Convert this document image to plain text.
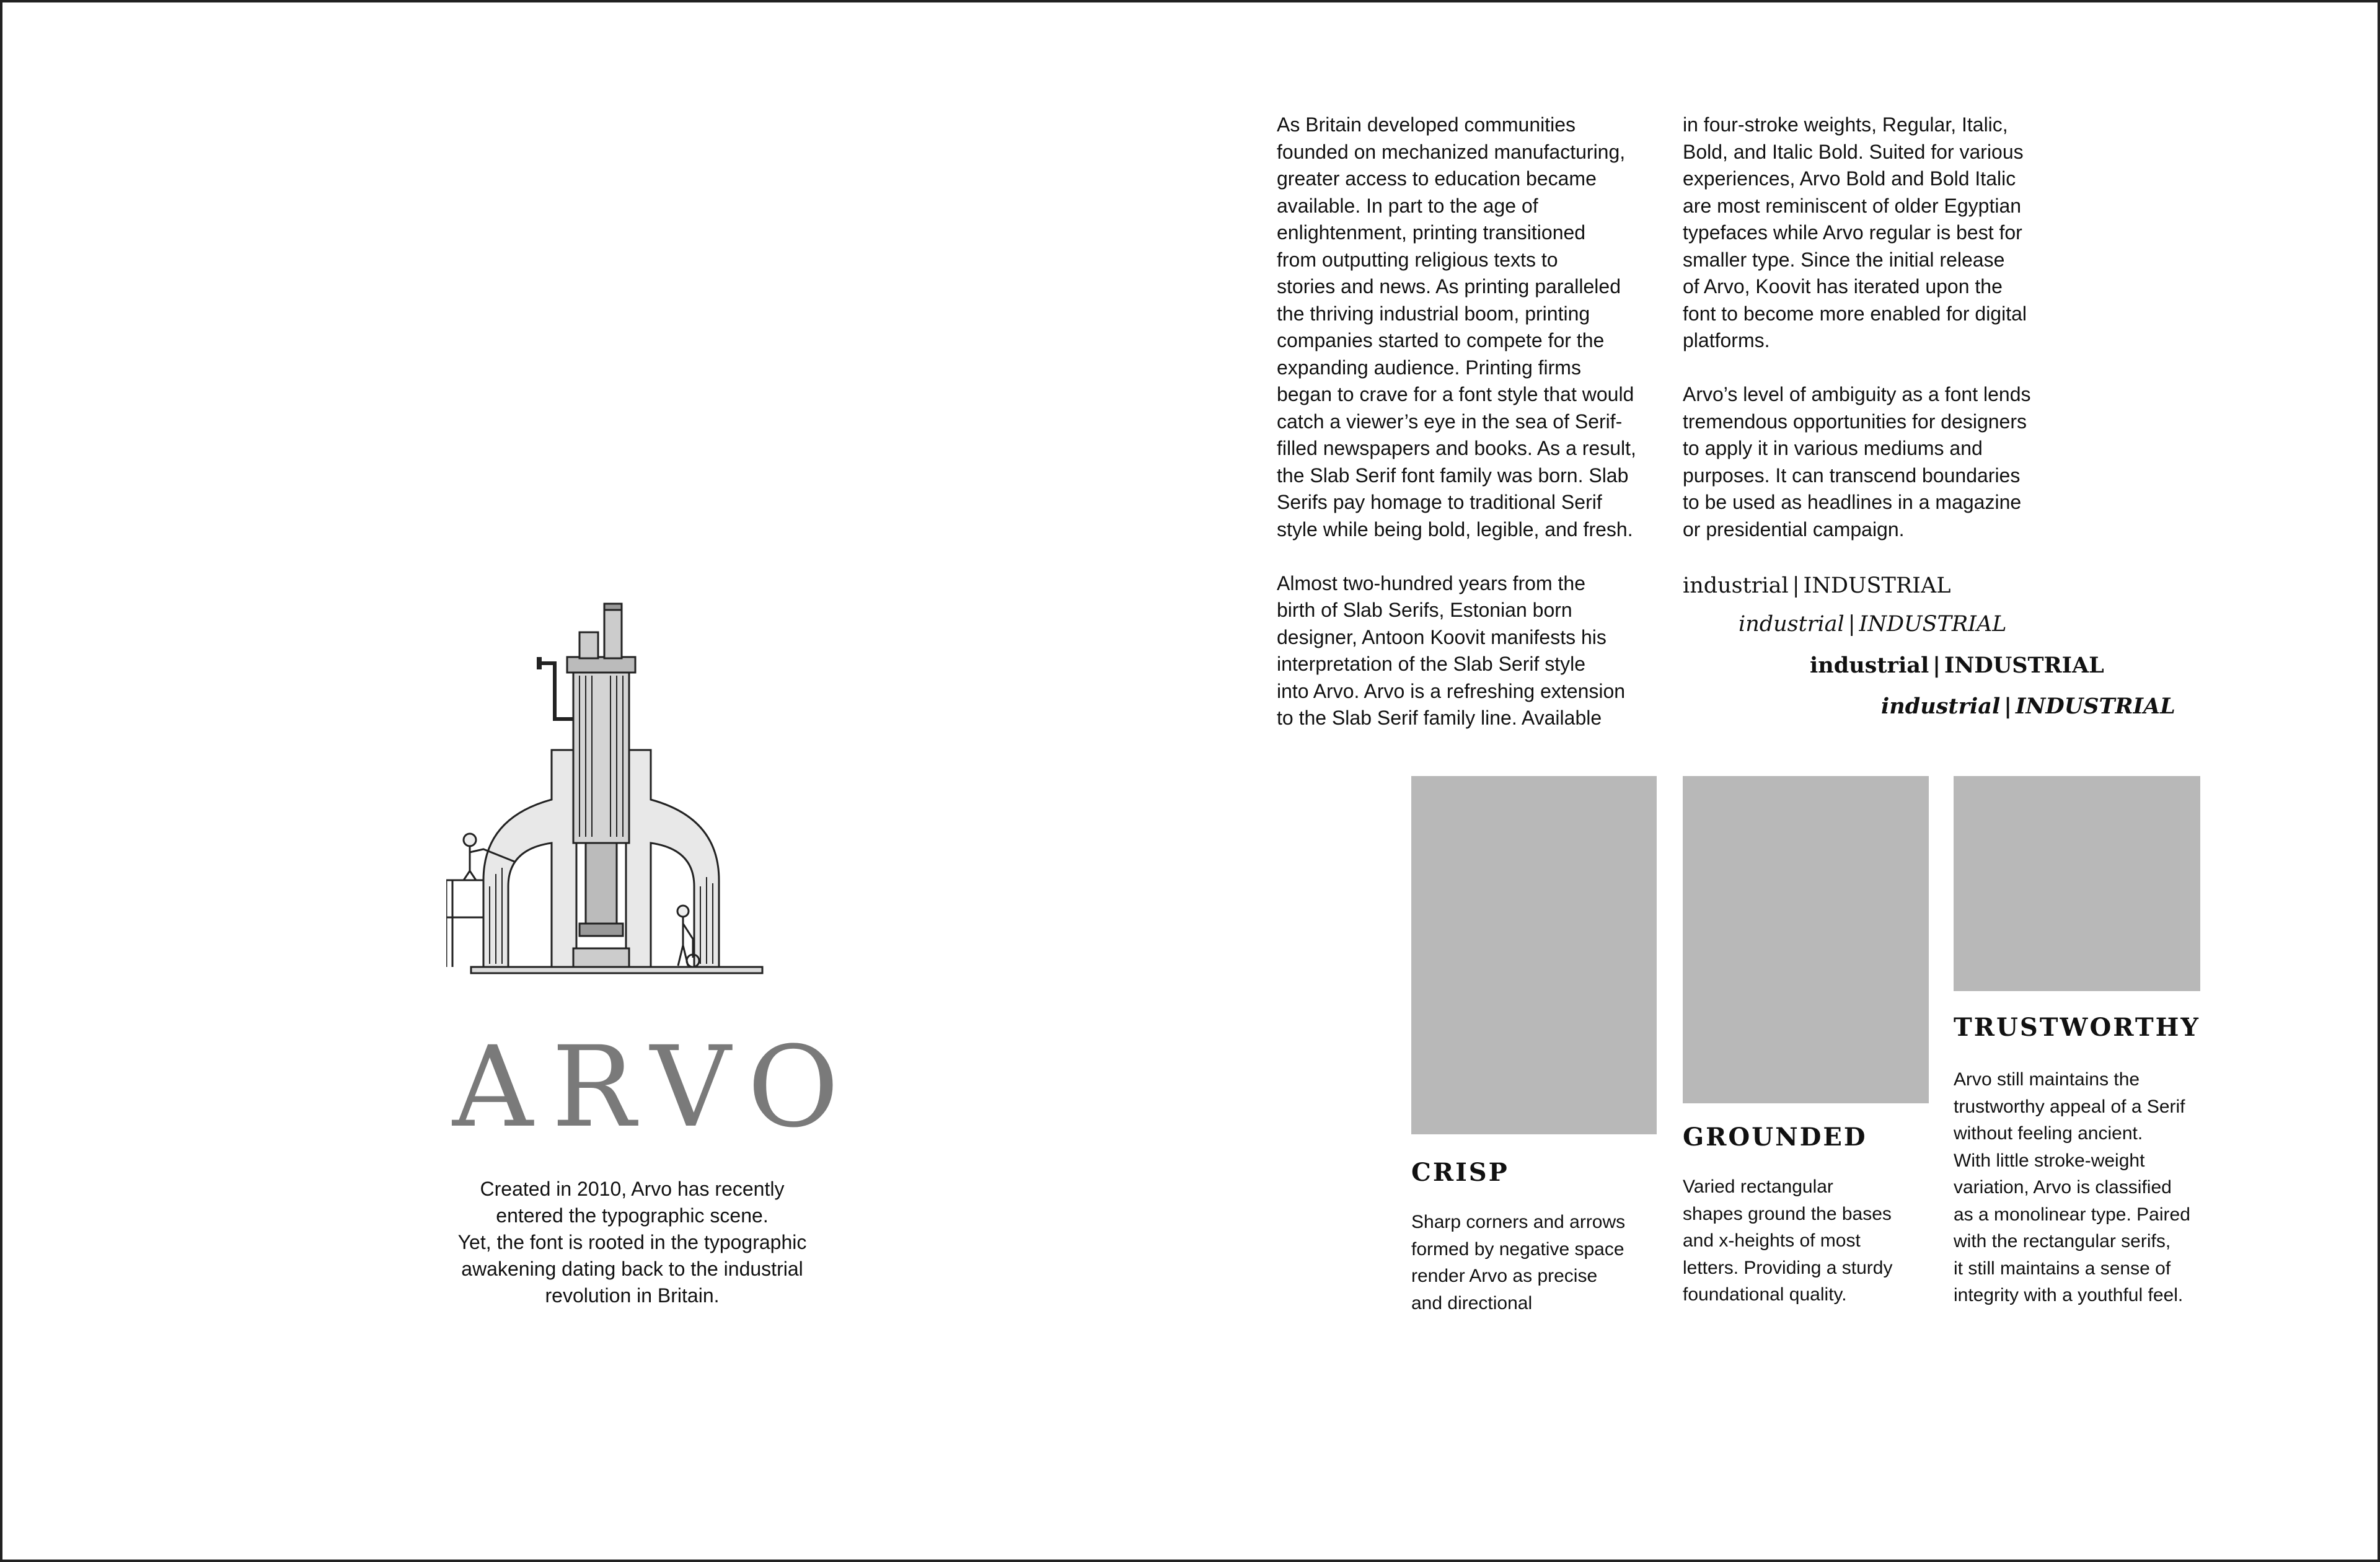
ARVO

Created in 2010, Arvo has recently

entered the typographic scene.

Yet, the font is rooted in the typographic

awakening dating back to the industrial

revolution in Britain.

As Britain developed communities
founded on mechanized manufacturing,
greater access to education became
available. In part to the age of
enlightenment, printing transitioned
from outputting religious texts to
stories and news. As printing paralleled
the thriving industrial boom, printing
companies started to compete for the
expanding audience. Printing firms
began to crave for a font style that would
catch a viewer’s eye in the sea of Serif-
filled newspapers and books. As a result,
the Slab Serif font family was born. Slab
Serifs pay homage to traditional Serif
style while being bold, legible, and fresh.

Almost two-hundred years from the
birth of Slab Serifs, Estonian born
designer, Antoon Koovit manifests his
interpretation of the Slab Serif style
into Arvo. Arvo is a refreshing extension
to the Slab Serif family line. Available

in four-stroke weights, Regular, Italic,
Bold, and Italic Bold. Suited for various
experiences, Arvo Bold and Bold Italic
are most reminiscent of older Egyptian
typefaces while Arvo regular is best for
smaller type. Since the initial release
of Arvo, Koovit has iterated upon the
font to become more enabled for digital
platforms.

Arvo’s level of ambiguity as a font lends
tremendous opportunities for designers
to apply it in various mediums and
purposes. It can transcend boundaries
to be used as headlines in a magazine
or presidential campaign.

industrial | INDUSTRIAL
industrial | INDUSTRIAL
industrial | INDUSTRIAL
industrial | INDUSTRIAL
CRISP
GROUNDED
TRUSTWORTHY

Sharp corners and arrows

formed by negative space

render Arvo as precise

and directional

Varied rectangular

shapes ground the bases

and x-heights of most

letters. Providing a sturdy

foundational quality.

Arvo still maintains the

trustworthy appeal of a Serif

without feeling ancient.

With little stroke-weight

variation, Arvo is classified

as a monolinear type. Paired

with the rectangular serifs,

it still maintains a sense of

integrity with a youthful feel.
